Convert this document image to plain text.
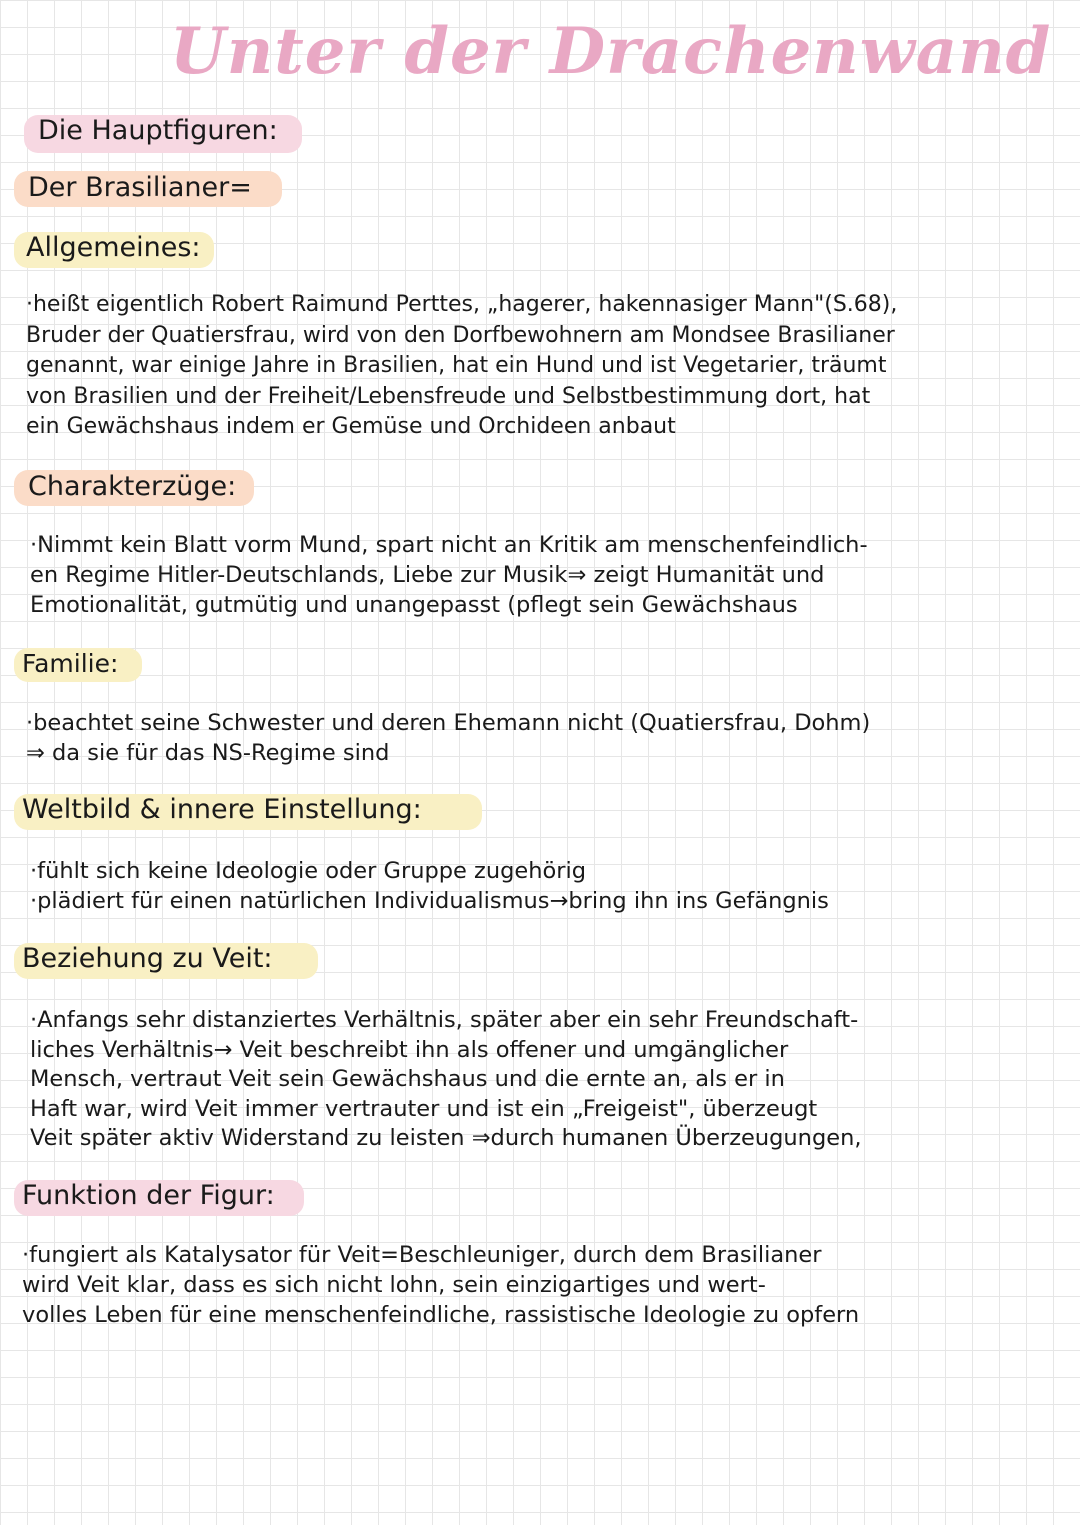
Unter der Drachenwand
Die Hauptfiguren:
Der Brasilianer=
Allgemeines:
·heißt eigentlich Robert Raimund Perttes, „hagerer, hakennasiger Mann"(S.68),
Bruder der Quatiersfrau, wird von den Dorfbewohnern am Mondsee Brasilianer
genannt, war einige Jahre in Brasilien, hat ein Hund und ist Vegetarier, träumt
von Brasilien und der Freiheit/Lebensfreude und Selbstbestimmung dort, hat
ein Gewächshaus indem er Gemüse und Orchideen anbaut
Charakterzüge:
·Nimmt kein Blatt vorm Mund, spart nicht an Kritik am menschenfeindlich-
en Regime Hitler-Deutschlands, Liebe zur Musik⇒ zeigt Humanität und
Emotionalität, gutmütig und unangepasst (pflegt sein Gewächshaus
Familie:
·beachtet seine Schwester und deren Ehemann nicht (Quatiersfrau, Dohm)
⇒ da sie für das NS-Regime sind
Weltbild & innere Einstellung:
·fühlt sich keine Ideologie oder Gruppe zugehörig
·plädiert für einen natürlichen Individualismus→bring ihn ins Gefängnis
Beziehung zu Veit:
·Anfangs sehr distanziertes Verhältnis, später aber ein sehr Freundschaft-
liches Verhältnis→ Veit beschreibt ihn als offener und umgänglicher
Mensch, vertraut Veit sein Gewächshaus und die ernte an, als er in
Haft war, wird Veit immer vertrauter und ist ein „Freigeist", überzeugt
Veit später aktiv Widerstand zu leisten ⇒durch humanen Überzeugungen,
Funktion der Figur:
·fungiert als Katalysator für Veit=Beschleuniger, durch dem Brasilianer
wird Veit klar, dass es sich nicht lohn, sein einzigartiges und wert-
volles Leben für eine menschenfeindliche, rassistische Ideologie zu opfern
